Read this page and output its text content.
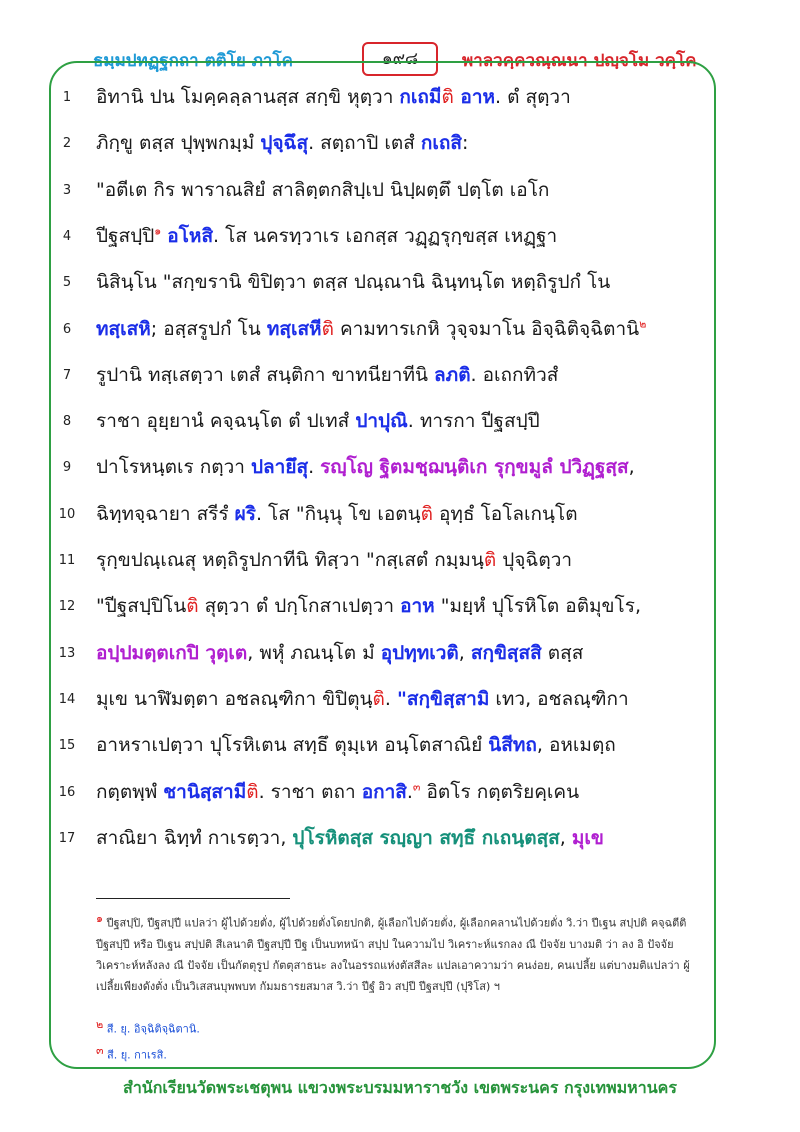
ธมฺมปทฏฺฐกถา ตติโย ภาโค	๑๙๘	พาลวคฺควณฺณนา ปญฺจโม วคฺโค
1	อิทานิ ปน โมคฺคลฺลานสฺส สกฺขิ หุตฺวา กเถมีติ อาห. ตํ สุตฺวา
2	ภิกฺขู ตสฺส ปุพฺพกมฺมํ ปุจฺฉึสุ. สตฺถาปิ เตสํ กเถสิ:
3	"อตีเต กิร พาราณสิยํ สาลิตฺตกสิปฺเป นิปฺผตฺตึ ปตฺโต เอโก
4	ปีฐสปฺปิ$^๑$ อโหสิ. โส นครทฺวาเร เอกสฺส วฏฺฏรุกฺขสฺส เหฏฺฐา
5	นิสินฺโน "สกฺขรานิ ขิปิตฺวา ตสฺส ปณฺณานิ ฉินฺทนฺโต หตฺถิรูปกํ โน
6	ทสฺเสหิ; อสฺสรูปกํ โน ทสฺเสหีติ คามทารเกหิ วุจฺจมาโน อิจฺฉิติจฺฉิตานิ$^๒$
7	รูปานิ ทสฺเสตฺวา เตสํ สนฺติกา ขาทนียาทีนิ ลภติ. อเถกทิวสํ
8	ราชา อุยฺยานํ คจฺฉนฺโต ตํ ปเทสํ ปาปุณิ. ทารกา ปีฐสปฺปึ
9	ปาโรหนฺตเร กตฺวา ปลายึสุ. รญฺโญ ฐิตมชฺฌนฺติเก รุกฺขมูลํ ปวิฏฺฐสฺส,
10	ฉิทฺทจฺฉายา สรีรํ ผริ. โส "กินฺนุ โข เอตนฺติ อุทฺธํ โอโลเกนฺโต
11	รุกฺขปณฺเณสุ หตฺถิรูปกาทีนิ ทิสฺวา "กสฺเสตํ กมฺมนฺติ ปุจฺฉิตฺวา
12	"ปีฐสปฺปิโนติ สุตฺวา ตํ ปกฺโกสาเปตฺวา อาห "มยฺหํ ปุโรหิโต อติมุขโร,
13	อปฺปมตฺตเกปิ วุตฺเต, พหุํ ภณนฺโต มํ อุปทฺทเวติ, สกฺขิสฺสสิ ตสฺส
14	มุเข นาฬิมตฺตา อชลณฺฑิกา ขิปิตุนฺติ. "สกฺขิสฺสามิ เทว, อชลณฺฑิกา
15	อาหราเปตฺวา ปุโรหิเตน สทฺธึ ตุมฺเห อนฺโตสาณิยํ นิสีทถ, อหเมตฺถ
16	กตฺตพฺพํ ชานิสฺสามีติ. ราชา ตถา อกาสิ.$^๓$ อิตโร กตฺตริยคฺเคน
17	สาณิยา ฉิทฺทํ กาเรตฺวา, ปุโรหิตสฺส รญฺญา สทฺธึ กเถนฺตสฺส, มุเข
๑ ปีฐสปฺปิ, ปีฐสปฺปี แปลว่า ผู้ไปด้วยตั่ง, ผู้ไปด้วยตั่งโดยปกติ, ผู้เลือกไปด้วยตั่ง, ผู้เลือกคลานไปด้วยตั่ง วิ.ว่า ปีเฐน สปฺปติ คจฺฉตีติ ปีฐสปฺปี หรือ ปีเฐน สปฺปติ สีเลนาติ ปีฐสปฺปี ปีฐ เป็นบทหน้า สปฺป ในความไป วิเคราะห์แรกลง ณี ปัจจัย บางมติ ว่า ลง อิ ปัจจัย วิเคราะห์หลังลง ณี ปัจจัย เป็นกัตตุรูป กัตตุสาธนะ ลงในอรรถแห่งตัสสีละ แปลเอาความว่า คนง่อย, คนเปลี้ย แต่บางมติแปลว่า ผู้เปลี้ยเพียงดังตั่ง เป็นวิเสสนบุพพบท กัมมธารยสมาส วิ.ว่า ปีฐํ อิว สปฺปี ปีฐสปฺปี (ปุริโส) ฯ
๒ สี. ยุ. อิจฺฉิติจฺฉิตานิ.
๓ สี. ยุ. กาเรสิ.
สำนักเรียนวัดพระเชตุพน แขวงพระบรมมหาราชวัง เขตพระนคร กรุงเทพมหานคร
